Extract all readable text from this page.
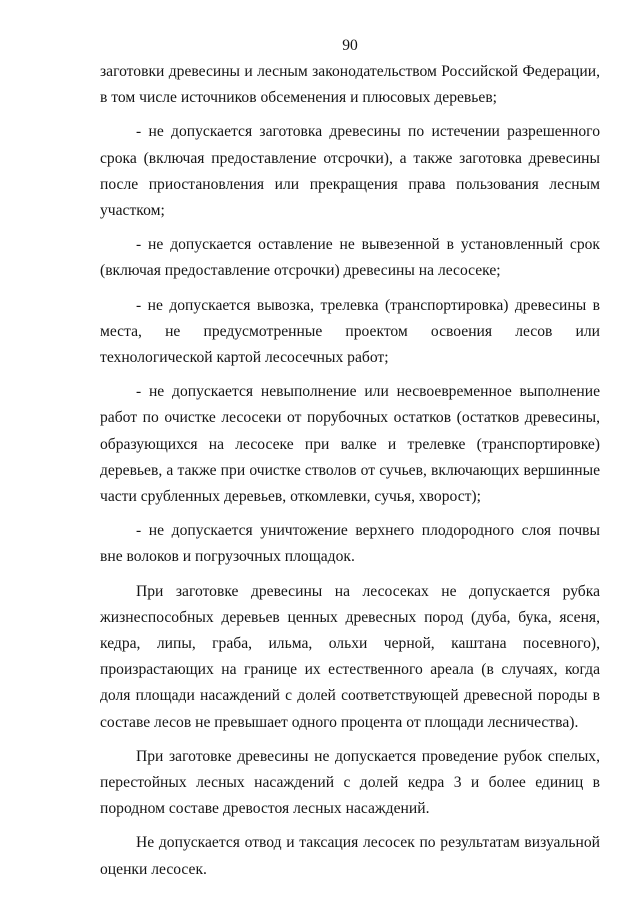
90

заготовки древесины и лесным законодательством Российской Федерации, в том числе источников обсеменения и плюсовых деревьев;

- не допускается заготовка древесины по истечении разрешенного срока (включая предоставление отсрочки), а также заготовка древесины после приостановления или прекращения права пользования лесным участком;

- не допускается оставление не вывезенной в установленный срок (включая предоставление отсрочки) древесины на лесосеке;

- не допускается вывозка, трелевка (транспортировка) древесины в места, не предусмотренные проектом освоения лесов или технологической картой лесосечных работ;

- не допускается невыполнение или несвоевременное выполнение работ по очистке лесосеки от порубочных остатков (остатков древесины, образующихся на лесосеке при валке и трелевке (транспортировке) деревьев, а также при очистке стволов от сучьев, включающих вершинные части срубленных деревьев, откомлевки, сучья, хворост);

- не допускается уничтожение верхнего плодородного слоя почвы вне волоков и погрузочных площадок.

При заготовке древесины на лесосеках не допускается рубка жизнеспособных деревьев ценных древесных пород (дуба, бука, ясеня, кедра, липы, граба, ильма, ольхи черной, каштана посевного), произрастающих на границе их естественного ареала (в случаях, когда доля площади насаждений с долей соответствующей древесной породы в составе лесов не превышает одного процента от площади лесничества).

При заготовке древесины не допускается проведение рубок спелых, перестойных лесных насаждений с долей кедра 3 и более единиц в породном составе древостоя лесных насаждений.

Не допускается отвод и таксация лесосек по результатам визуальной оценки лесосек.
